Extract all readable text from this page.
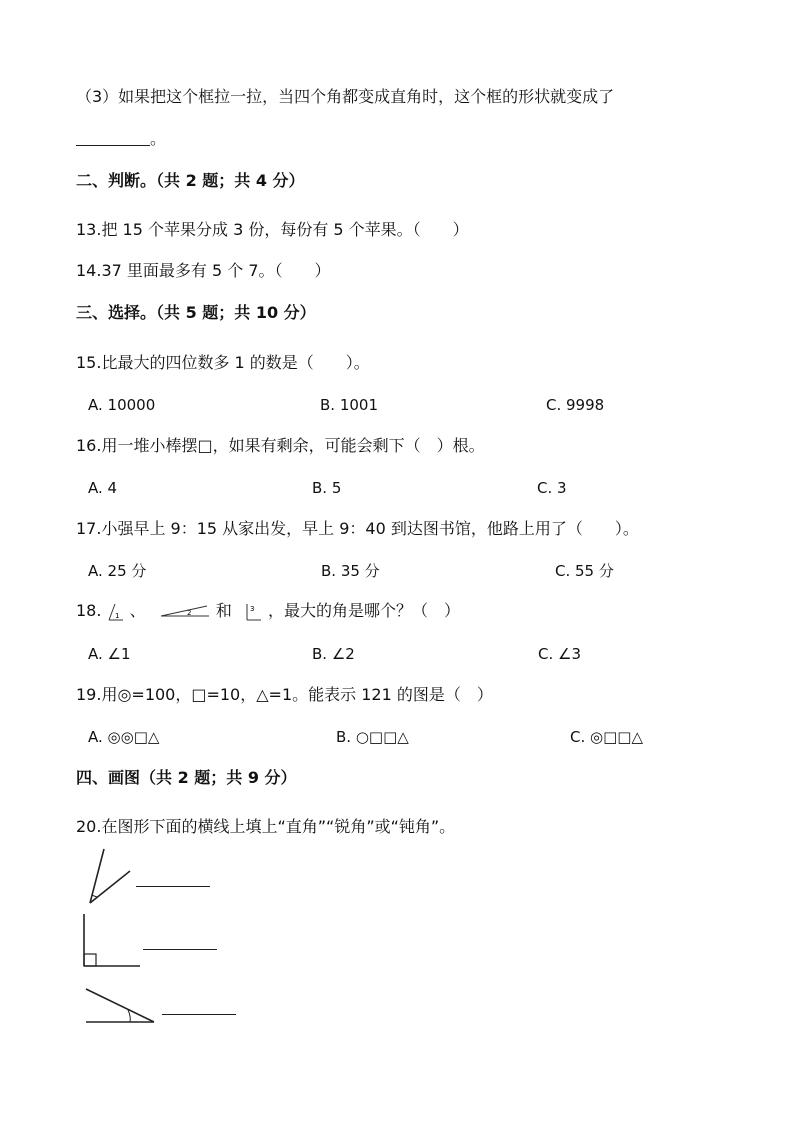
（3）如果把这个框拉一拉，当四个角都变成直角时，这个框的形状就变成了
。
二、判断。（共 2 题；共 4 分）
13.把 15 个苹果分成 3 份，每份有 5 个苹果。（　　）
14.37 里面最多有 5 个 7。（　　）
三、选择。（共 5 题；共 10 分）
15.比最大的四位数多 1 的数是（　　）。
A. 10000	B. 1001	C. 9998
16.用一堆小棒摆□，如果有剩余，可能会剩下（　）根。
A. 4	B. 5	C. 3
17.小强早上 9：15 从家出发，早上 9：40 到达图书馆，他路上用了（　　）。
A. 25 分	B. 35 分	C. 55 分
18. 1 、	2 和	3 ，最大的角是哪个？（　）
A. ∠1	B. ∠2	C. ∠3
19.用◎=100，□=10，△=1。能表示 121 的图是（　）
A. ◎◎□△	B. ○□□△	C. ◎□□△
四、画图（共 2 题；共 9 分）
20.在图形下面的横线上填上“直角”“锐角”或“钝角”。
